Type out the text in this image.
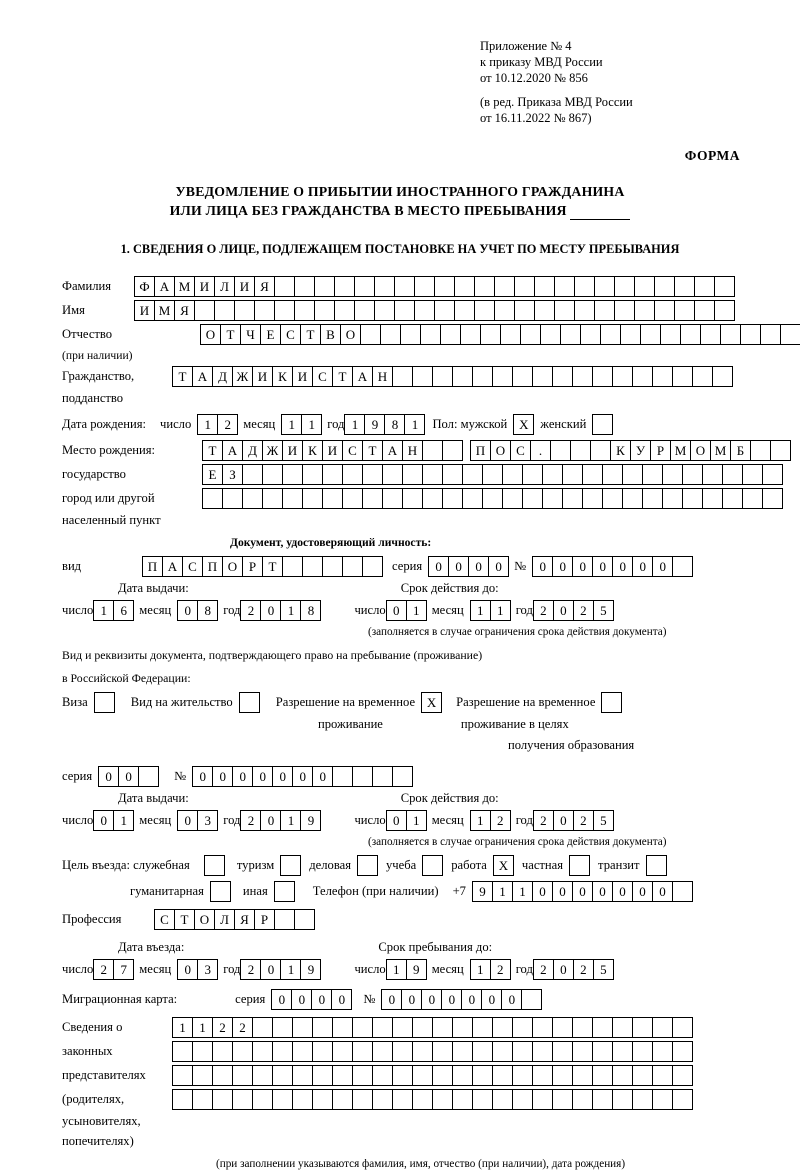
Приложение № 4
к приказу МВД России
от 10.12.2020 № 856
(в ред. Приказа МВД России
от 16.11.2022 № 867)
ФОРМА
УВЕДОМЛЕНИЕ О ПРИБЫТИИ ИНОСТРАННОГО ГРАЖДАНИНА
ИЛИ ЛИЦА БЕЗ ГРАЖДАНСТВА В МЕСТО ПРЕБЫВАНИЯ
1. СВЕДЕНИЯ О ЛИЦЕ, ПОДЛЕЖАЩЕМ ПОСТАНОВКЕ НА УЧЕТ ПО МЕСТУ ПРЕБЫВАНИЯ
Фамилия	Ф А М И Л И Я
Имя	И М Я
Отчество	О Т Ч Е С Т В О
(при наличии)
Гражданство,	Т А Д Ж И К И С Т А Н
подданство
Дата рождения: число	1	2 месяц	1	1 год 1	9	8	1	Пол: мужской X женский
Место рождения:	Т А Д Ж И К И С Т А Н	П О С	.	К У Р М О М Б
государство	Е З
город или другой
населенный пункт
Документ, удостоверяющий личность:
вид	П А С П О Р Т	серия	0	0	0	0 №	0	0	0	0	0	0	0
Дата выдачи:	Срок действия до:
число 1	6 месяц	0	8 год 2	0	1	8	число 0	1 месяц	1	1 год 2	0	2	5
(заполняется в случае ограничения срока действия документа)
Вид и реквизиты документа, подтверждающего право на пребывание (проживание)
в Российской Федерации:
Виза	Вид на жительство	Разрешение на временное X	Разрешение на временное
проживание	проживание в целях
получения образования
серия	0	0	№	0	0	0	0	0	0	0
Дата выдачи:	Срок действия до:
число 0	1 месяц	0	3 год 2	0	1	9	число 0	1 месяц	1	2 год 2	0	2	5
(заполняется в случае ограничения срока действия документа)
Цель въезда: служебная	туризм	деловая	учеба	работа X	частная	транзит
гуманитарная	иная	Телефон (при наличии) +7	9	1	1	0	0	0	0	0	0	0
Профессия	С Т О Л Я Р
Дата въезда:	Срок пребывания до:
число 2	7 месяц	0	3 год 2	0	1	9	число 1	9 месяц	1	2 год 2	0	2	5
Миграционная карта:	серия	0	0	0	0	№	0	0	0	0	0	0	0
Сведения о	1	1	2	2
законных
представителях
(родителях,
усыновителях,
попечителях)
(при заполнении указываются фамилия, имя, отчество (при наличии), дата рождения)
